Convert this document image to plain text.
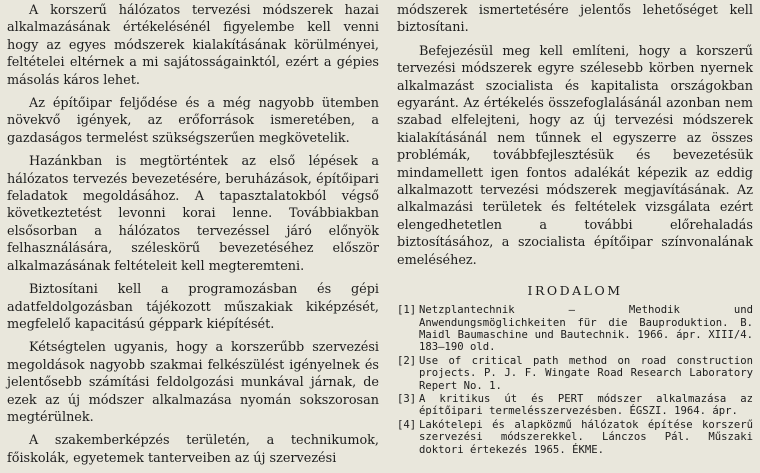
A korszerű hálózatos tervezési módszerek hazai alkalmazásának értékelésénél figyelembe kell venni hogy az egyes módszerek kialakításának körülményei, feltételei eltérnek a mi sajátosságainktól, ezért a gépies másolás káros lehet.

Az építőipar feljődése és a még nagyobb ütemben növekvő igények, az erőforrások ismeretében, a gazdaságos termelést szükségszerűen megkövetelik.

Hazánkban is megtörténtek az első lépések a hálózatos tervezés bevezetésére, beruházások, építőipari feladatok megoldásához. A tapasztalatokból végső következtetést levonni korai lenne. Továbbiakban elsősorban a hálózatos tervezéssel járó előnyök felhasználására, széleskörű bevezetéséhez először alkalmazásának feltételeit kell megteremteni.

Biztosítani kell a programozásban és gépi adatfeldolgozásban tájékozott műszakiak kiképzését, megfelelő kapacitású géppark kiépítését.

Kétségtelen ugyanis, hogy a korszerűbb szervezési megoldások nagyobb szakmai felkészülést igényelnek és jelentősebb számítási feldolgozási munkával járnak, de ezek az új módszer alkalmazása nyomán sokszorosan megtérülnek.

A szakemberképzés területén, a technikumok, főiskolák, egyetemek tanterveiben az új szervezési

módszerek ismertetésére jelentős lehetőséget kell biztosítani.

Befejezésül meg kell említeni, hogy a korszerű tervezési módszerek egyre szélesebb körben nyernek alkalmazást szocialista és kapitalista országokban egyaránt. Az értékelés összefoglalásánál azonban nem szabad elfelejteni, hogy az új tervezési módszerek kialakításánál nem tűnnek el egyszerre az összes problémák, továbbfejlesztésük és bevezetésük mindamellett igen fontos adalékát képezik az eddig alkalmazott tervezési módszerek megjavításának. Az alkalmazási területek és feltételek vizsgálata ezért elengedhetetlen a további előrehaladás biztosításához, a szocialista építőipar színvonalának emeléséhez.

IRODALOM
[1] Netzplantechnik — Methodik und Anwendungsmöglichkeiten für die Bauproduktion. B. Maidl Baumaschine und Bautechnik. 1966. ápr. XIII/4. 183—190 old.
[2] Use of critical path method on road construction projects. P. J. F. Wingate Road Research Laboratory Repert No. 1.
[3] A kritikus út és PERT módszer alkalmazása az építőipari termelésszervezésben. ÉGSZI. 1964. ápr.
[4] Lakótelepi és alapközmű hálózatok építése korszerű szervezési módszerekkel. Lánczos Pál. Műszaki doktori értekezés 1965. ÉKME.
